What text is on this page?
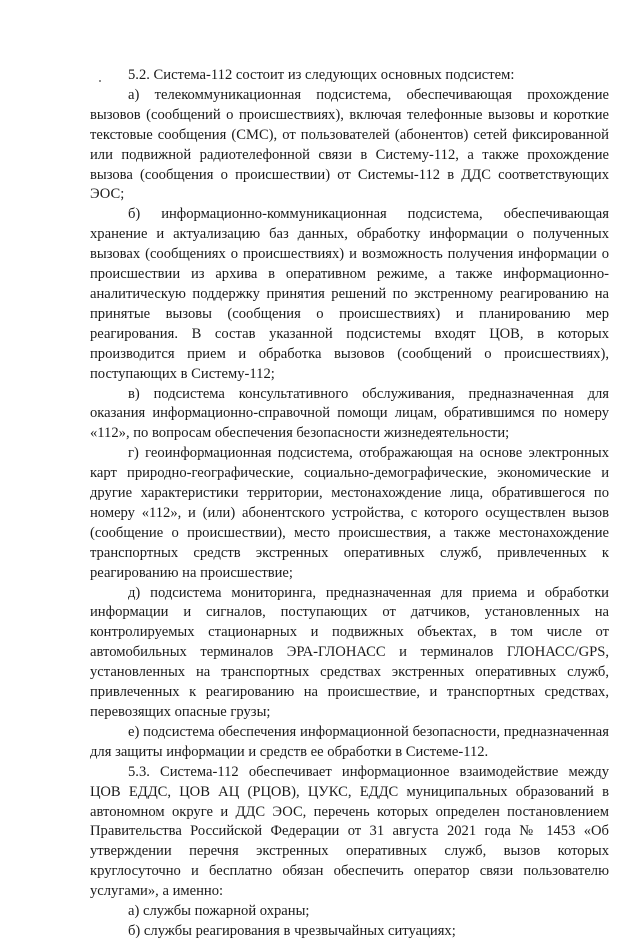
5.2. Система-112 состоит из следующих основных подсистем:

а) телекоммуникационная подсистема, обеспечивающая прохождение вызовов (сообщений о происшествиях), включая телефонные вызовы и короткие текстовые сообщения (СМС), от пользователей (абонентов) сетей фиксированной или подвижной радиотелефонной связи в Систему-112, а также прохождение вызова (сообщения о происшествии) от Системы-112 в ДДС соответствующих ЭОС;

б) информационно-коммуникационная подсистема, обеспечивающая хранение и актуализацию баз данных, обработку информации о полученных вызовах (сообщениях о происшествиях) и возможность получения информации о происшествии из архива в оперативном режиме, а также информационно-аналитическую поддержку принятия решений по экстренному реагированию на принятые вызовы (сообщения о происшествиях) и планированию мер реагирования. В состав указанной подсистемы входят ЦОВ, в которых производится прием и обработка вызовов (сообщений о происшествиях), поступающих в Систему-112;

в) подсистема консультативного обслуживания, предназначенная для оказания информационно-справочной помощи лицам, обратившимся по номеру «112», по вопросам обеспечения безопасности жизнедеятельности;

г) геоинформационная подсистема, отображающая на основе электронных карт природно-географические, социально-демографические, экономические и другие характеристики территории, местонахождение лица, обратившегося по номеру «112», и (или) абонентского устройства, с которого осуществлен вызов (сообщение о происшествии), место происшествия, а также местонахождение транспортных средств экстренных оперативных служб, привлеченных к реагированию на происшествие;

д) подсистема мониторинга, предназначенная для приема и обработки информации и сигналов, поступающих от датчиков, установленных на контролируемых стационарных и подвижных объектах, в том числе от автомобильных терминалов ЭРА-ГЛОНАСС и терминалов ГЛОНАСС/GPS, установленных на транспортных средствах экстренных оперативных служб, привлеченных к реагированию на происшествие, и транспортных средствах, перевозящих опасные грузы;

е) подсистема обеспечения информационной безопасности, предназначенная для защиты информации и средств ее обработки в Системе-112.

5.3. Система-112 обеспечивает информационное взаимодействие между ЦОВ ЕДДС, ЦОВ АЦ (РЦОВ), ЦУКС, ЕДДС муниципальных образований в автономном округе и ДДС ЭОС, перечень которых определен постановлением Правительства Российской Федерации от 31 августа 2021 года № 1453 «Об утверждении перечня экстренных оперативных служб, вызов которых круглосуточно и бесплатно обязан обеспечить оператор связи пользователю услугами», а именно:

а) службы пожарной охраны;

б) службы реагирования в чрезвычайных ситуациях;
